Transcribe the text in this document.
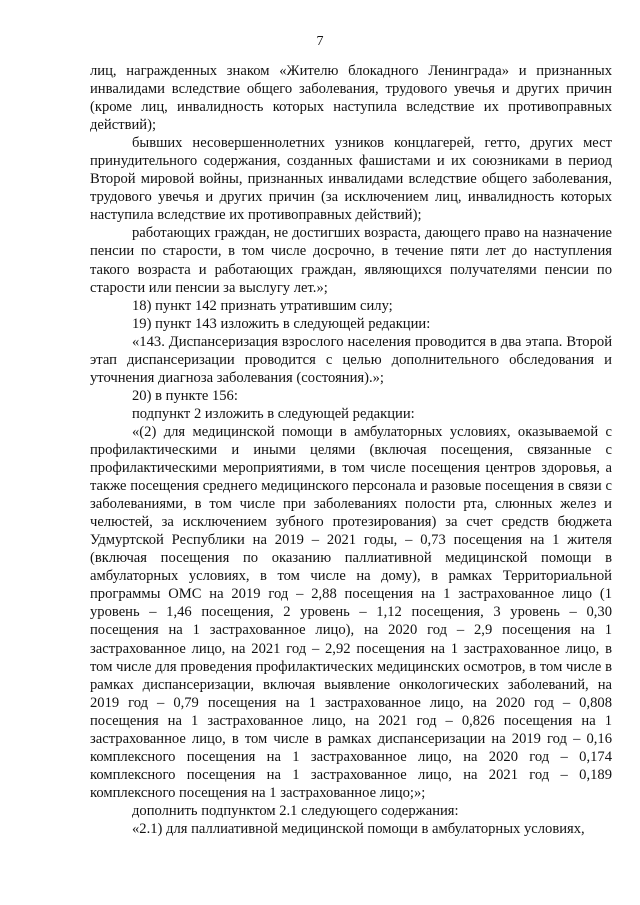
7

лиц, награжденных знаком «Жителю блокадного Ленинграда» и признанных инвалидами вследствие общего заболевания, трудового увечья и других причин (кроме лиц, инвалидность которых наступила вследствие их противоправных действий);

бывших несовершеннолетних узников концлагерей, гетто, других мест принудительного содержания, созданных фашистами и их союзниками в период Второй мировой войны, признанных инвалидами вследствие общего заболевания, трудового увечья и других причин (за исключением лиц, инвалидность которых наступила вследствие их противоправных действий);

работающих граждан, не достигших возраста, дающего право на назначение пенсии по старости, в том числе досрочно, в течение пяти лет до наступления такого возраста и работающих граждан, являющихся получателями пенсии по старости или пенсии за выслугу лет.»;

18) пункт 142 признать утратившим силу;

19) пункт 143 изложить в следующей редакции:

«143. Диспансеризация взрослого населения проводится в два этапа. Второй этап диспансеризации проводится с целью дополнительного обследования и уточнения диагноза заболевания (состояния).»;

20) в пункте 156:

подпункт 2 изложить в следующей редакции:

«(2) для медицинской помощи в амбулаторных условиях, оказываемой с профилактическими и иными целями (включая посещения, связанные с профилактическими мероприятиями, в том числе посещения центров здоровья, а также посещения среднего медицинского персонала и разовые посещения в связи с заболеваниями, в том числе при заболеваниях полости рта, слюнных желез и челюстей, за исключением зубного протезирования) за счет средств бюджета Удмуртской Республики на 2019 – 2021 годы, – 0,73 посещения на 1 жителя (включая посещения по оказанию паллиативной медицинской помощи в амбулаторных условиях, в том числе на дому), в рамках Территориальной программы ОМС на 2019 год – 2,88 посещения на 1 застрахованное лицо (1 уровень – 1,46 посещения, 2 уровень – 1,12 посещения, 3 уровень – 0,30 посещения на 1 застрахованное лицо), на 2020 год – 2,9 посещения на 1 застрахованное лицо, на 2021 год – 2,92 посещения на 1 застрахованное лицо, в том числе для проведения профилактических медицинских осмотров, в том числе в рамках диспансеризации, включая выявление онкологических заболеваний, на 2019 год – 0,79 посещения на 1 застрахованное лицо, на 2020 год – 0,808 посещения на 1 застрахованное лицо, на 2021 год – 0,826 посещения на 1 застрахованное лицо, в том числе в рамках диспансеризации на 2019 год – 0,16 комплексного посещения на 1 застрахованное лицо, на 2020 год – 0,174 комплексного посещения на 1 застрахованное лицо, на 2021 год – 0,189 комплексного посещения на 1 застрахованное лицо;»;

дополнить подпунктом 2.1 следующего содержания:

«2.1) для паллиативной медицинской помощи в амбулаторных условиях,
